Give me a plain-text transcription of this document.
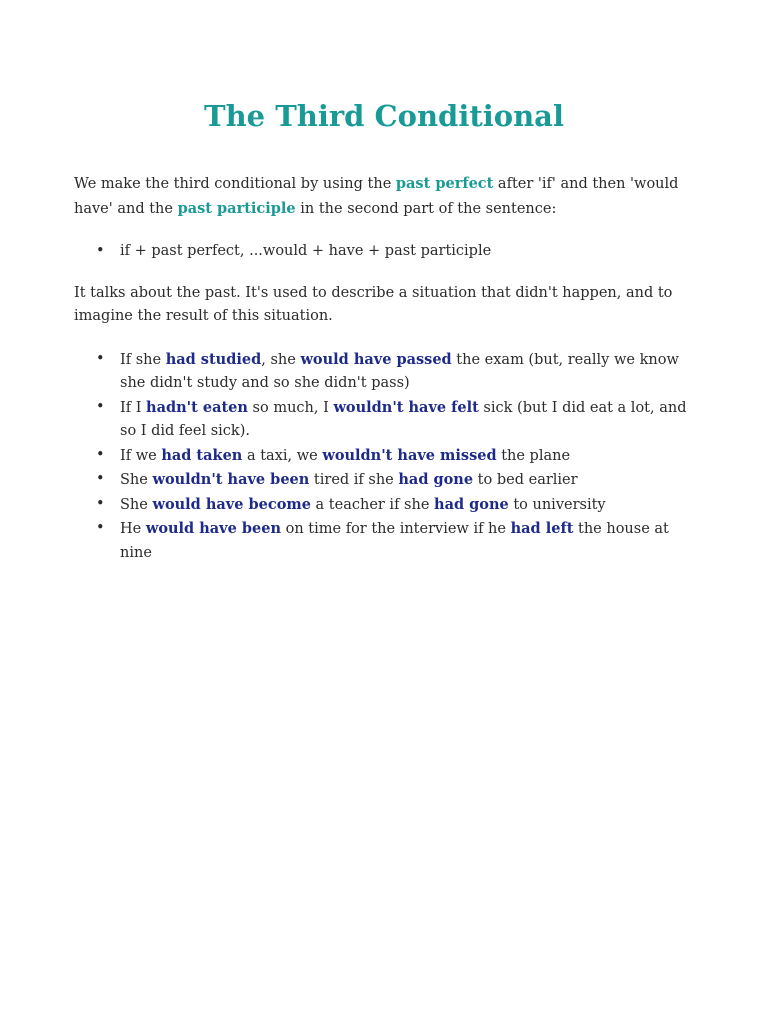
The Third Conditional

We make the third conditional by using the past perfect after 'if' and then 'would have' and the past participle in the second part of the sentence:

• if + past perfect, ...would + have + past participle

It talks about the past. It's used to describe a situation that didn't happen, and to imagine the result of this situation.

• If she had studied, she would have passed the exam (but, really we know she didn't study and so she didn't pass)
• If I hadn't eaten so much, I wouldn't have felt sick (but I did eat a lot, and so I did feel sick).
• If we had taken a taxi, we wouldn't have missed the plane
• She wouldn't have been tired if she had gone to bed earlier
• She would have become a teacher if she had gone to university
• He would have been on time for the interview if he had left the house at nine
